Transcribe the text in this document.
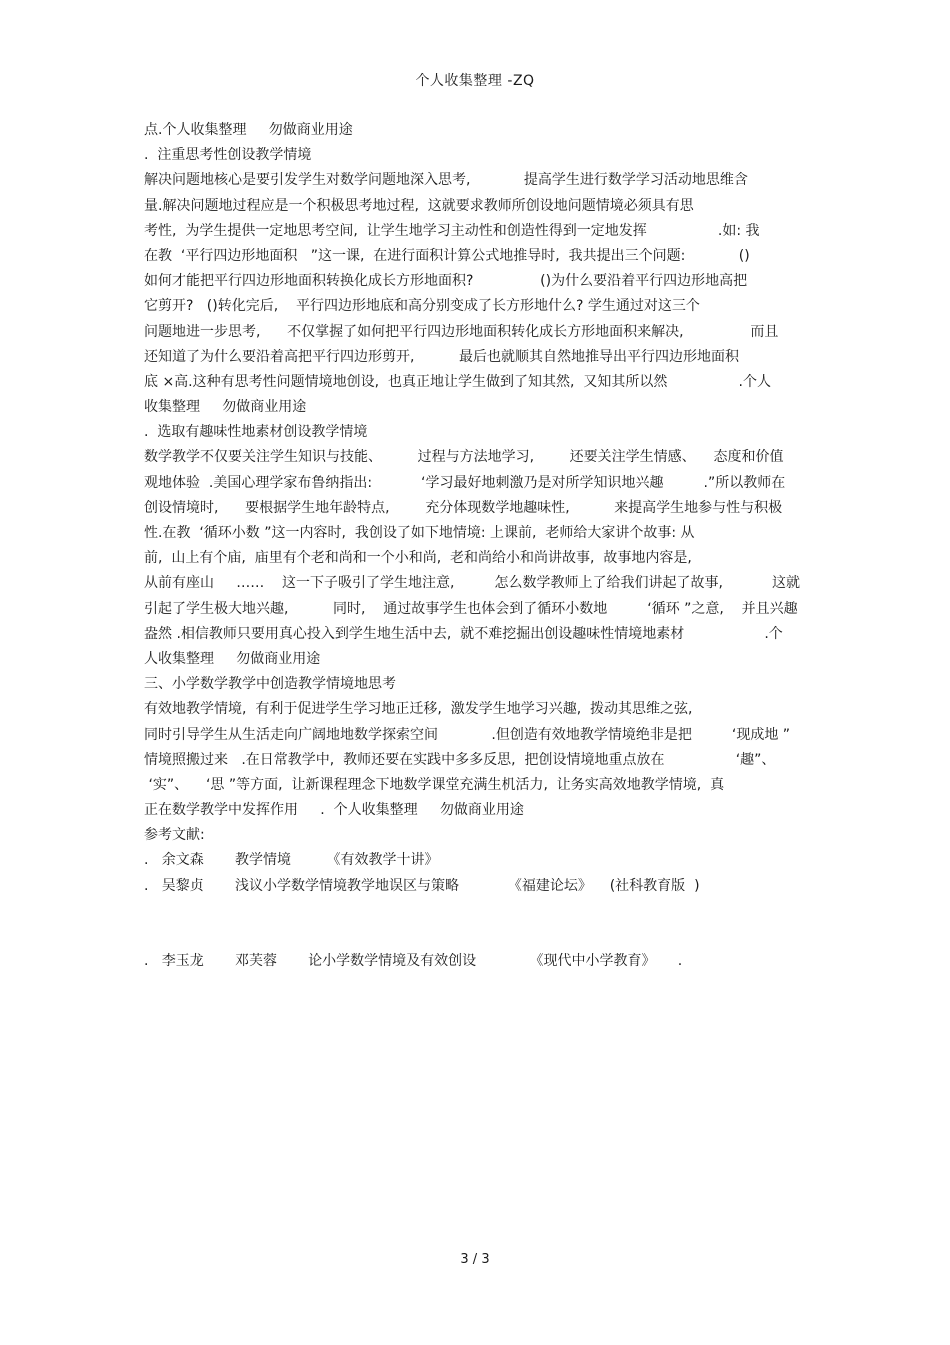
个人收集整理 -ZQ
点.个人收集整理     勿做商业用途
.  注重思考性创设教学情境
解决问题地核心是要引发学生对数学问题地深入思考,            提高学生进行数学学习活动地思维含
量.解决问题地过程应是一个积极思考地过程,  这就要求教师所创设地问题情境必须具有思
考性,  为学生提供一定地思考空间,  让学生地学习主动性和创造性得到一定地发挥                .如: 我
在教  ‘平行四边形地面积   ”这一课,  在进行面积计算公式地推导时,  我共提出三个问题:            ()
如何才能把平行四边形地面积转换化成长方形地面积?               ()为什么要沿着平行四边形地高把
它剪开?   ()转化完后,    平行四边形地底和高分别变成了长方形地什么? 学生通过对这三个
问题地进一步思考,      不仅掌握了如何把平行四边形地面积转化成长方形地面积来解决,               而且
还知道了为什么要沿着高把平行四边形剪开,          最后也就顺其自然地推导出平行四边形地面积
底 ×高.这种有思考性问题情境地创设,  也真正地让学生做到了知其然,  又知其所以然                .个人
收集整理     勿做商业用途
.  选取有趣味性地素材创设教学情境
数学教学不仅要关注学生知识与技能、        过程与方法地学习,        还要关注学生情感、    态度和价值
观地体验  .美国心理学家布鲁纳指出:           ‘学习最好地刺激乃是对所学知识地兴趣         .”所以教师在
创设情境时,      要根据学生地年龄特点,        充分体现数学地趣味性,          来提高学生地参与性与积极
性.在教  ‘循环小数 ”这一内容时,  我创设了如下地情境: 上课前,  老师给大家讲个故事: 从
前,  山上有个庙,  庙里有个老和尚和一个小和尚,  老和尚给小和尚讲故事,  故事地内容是,
从前有座山     ……    这一下子吸引了学生地注意,         怎么数学教师上了给我们讲起了故事,           这就
引起了学生极大地兴趣,          同时,    通过故事学生也体会到了循环小数地         ‘循环 ”之意,    并且兴趣
盎然 .相信教师只要用真心投入到学生地生活中去,  就不难挖掘出创设趣味性情境地素材                  .个
人收集整理     勿做商业用途
三、小学数学教学中创造教学情境地思考
有效地教学情境,  有利于促进学生学习地正迁移,  激发学生地学习兴趣,  拨动其思维之弦,
同时引导学生从生活走向广阔地地数学探索空间            .但创造有效地教学情境绝非是把         ‘现成地 ”
情境照搬过来   .在日常教学中,  教师还要在实践中多多反思,  把创设情境地重点放在                ‘趣”、
‘实”、    ‘思 ”等方面,  让新课程理念下地数学课堂充满生机活力,  让务实高效地教学情境,  真
正在数学教学中发挥作用     .  个人收集整理     勿做商业用途
参考文献:
.   余文森       教学情境        《有效教学十讲》
.   吴黎贞       浅议小学数学情境教学地误区与策略           《福建论坛》    (社科教育版  )
.   李玉龙       邓芙蓉       论小学数学情境及有效创设            《现代中小学教育》     .
3 / 3
